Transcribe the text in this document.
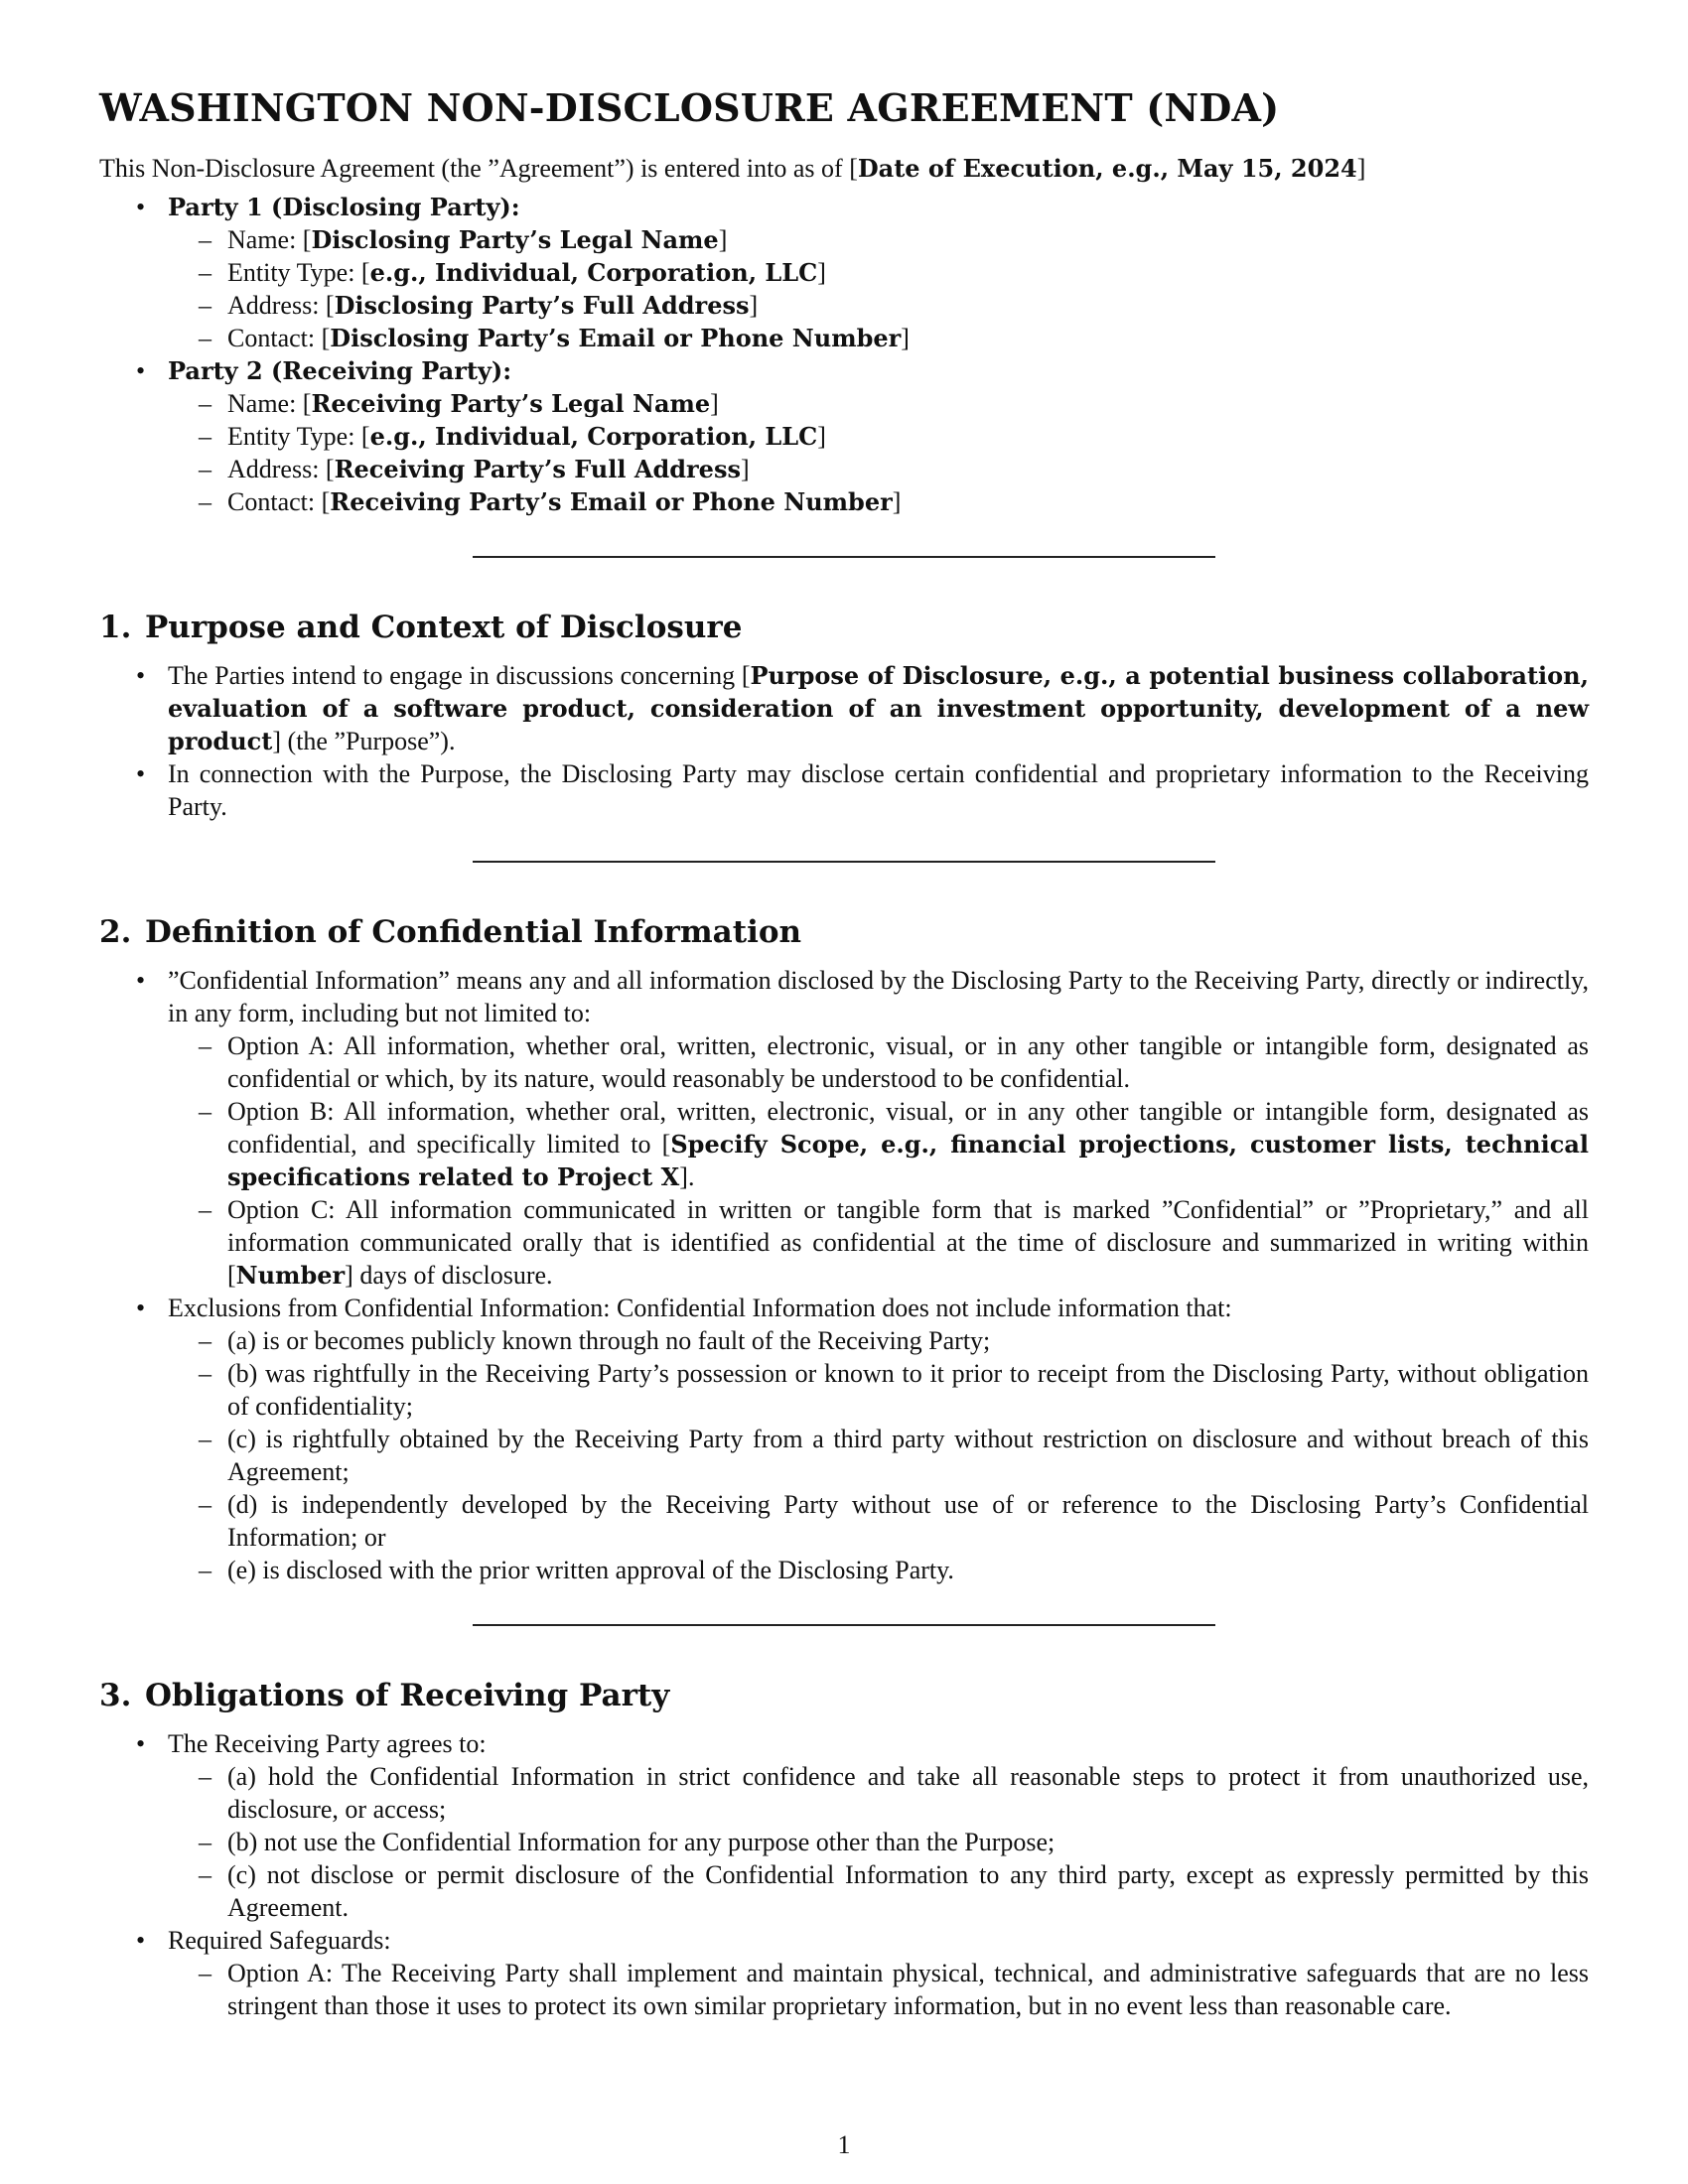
WASHINGTON NON-DISCLOSURE AGREEMENT (NDA)

This Non-Disclosure Agreement (the ”Agreement”) is entered into as of [Date of Execution, e.g., May 15, 2024]

• Party 1 (Disclosing Party):
– Name: [Disclosing Party’s Legal Name]
– Entity Type: [e.g., Individual, Corporation, LLC]
– Address: [Disclosing Party’s Full Address]
– Contact: [Disclosing Party’s Email or Phone Number]
• Party 2 (Receiving Party):
– Name: [Receiving Party’s Legal Name]
– Entity Type: [e.g., Individual, Corporation, LLC]
– Address: [Receiving Party’s Full Address]
– Contact: [Receiving Party’s Email or Phone Number]
1. Purpose and Context of Disclosure
• The Parties intend to engage in discussions concerning [Purpose of Disclosure, e.g., a potential business collaboration, evaluation of a software product, consideration of an investment opportunity, development of a new product] (the ”Purpose”).
• In connection with the Purpose, the Disclosing Party may disclose certain confidential and proprietary information to the Receiving Party.
2. Definition of Confidential Information
• ”Confidential Information” means any and all information disclosed by the Disclosing Party to the Receiving Party, directly or indirectly, in any form, including but not limited to:
– Option A: All information, whether oral, written, electronic, visual, or in any other tangible or intangible form, designated as confidential or which, by its nature, would reasonably be understood to be confidential.
– Option B: All information, whether oral, written, electronic, visual, or in any other tangible or intangible form, designated as confidential, and specifically limited to [Specify Scope, e.g., financial projections, customer lists, technical specifications related to Project X].
– Option C: All information communicated in written or tangible form that is marked ”Confidential” or ”Proprietary,” and all information communicated orally that is identified as confidential at the time of disclosure and summarized in writing within [Number] days of disclosure.
• Exclusions from Confidential Information: Confidential Information does not include information that:
– (a) is or becomes publicly known through no fault of the Receiving Party;
– (b) was rightfully in the Receiving Party’s possession or known to it prior to receipt from the Disclosing Party, without obligation of confidentiality;
– (c) is rightfully obtained by the Receiving Party from a third party without restriction on disclosure and without breach of this Agreement;
– (d) is independently developed by the Receiving Party without use of or reference to the Disclosing Party’s Confidential Information; or
– (e) is disclosed with the prior written approval of the Disclosing Party.
3. Obligations of Receiving Party
• The Receiving Party agrees to:
– (a) hold the Confidential Information in strict confidence and take all reasonable steps to protect it from unauthorized use, disclosure, or access;
– (b) not use the Confidential Information for any purpose other than the Purpose;
– (c) not disclose or permit disclosure of the Confidential Information to any third party, except as expressly permitted by this Agreement.
• Required Safeguards:
– Option A: The Receiving Party shall implement and maintain physical, technical, and administrative safeguards that are no less stringent than those it uses to protect its own similar proprietary information, but in no event less than reasonable care.
1
